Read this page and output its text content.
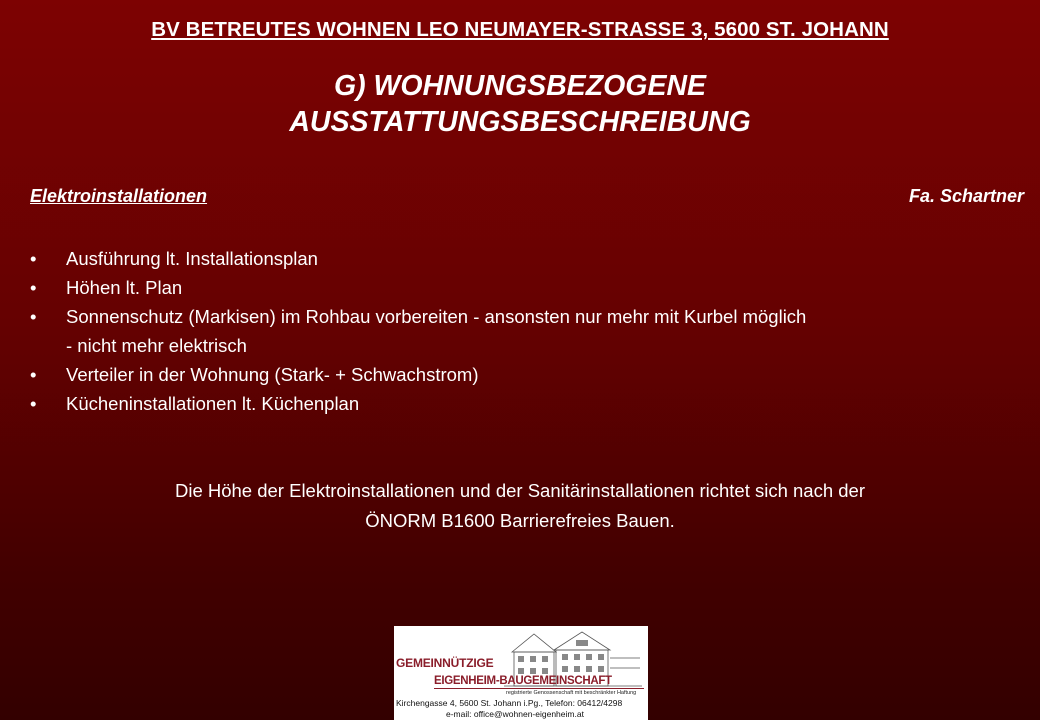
BV BETREUTES WOHNEN LEO NEUMAYER-STRASSE 3, 5600 ST. JOHANN
G) WOHNUNGSBEZOGENE
AUSSTATTUNGSBESCHREIBUNG
Elektroinstallationen	Fa. Schartner
• Ausführung lt. Installationsplan
• Höhen lt. Plan
• Sonnenschutz (Markisen) im Rohbau vorbereiten - ansonsten nur mehr mit Kurbel möglich
- nicht mehr elektrisch
• Verteiler in der Wohnung (Stark- + Schwachstrom)
• Kücheninstallationen lt. Küchenplan
Die Höhe der Elektroinstallationen und der Sanitärinstallationen richtet sich nach der
ÖNORM B1600 Barrierefreies Bauen.
GEMEINNÜTZIGE
EIGENHEIM-BAUGEMEINSCHAFT
registrierte Genossenschaft mit beschränkter Haftung
Kirchengasse 4, 5600 St. Johann i.Pg., Telefon: 06412/4298
e-mail: office@wohnen-eigenheim.at
